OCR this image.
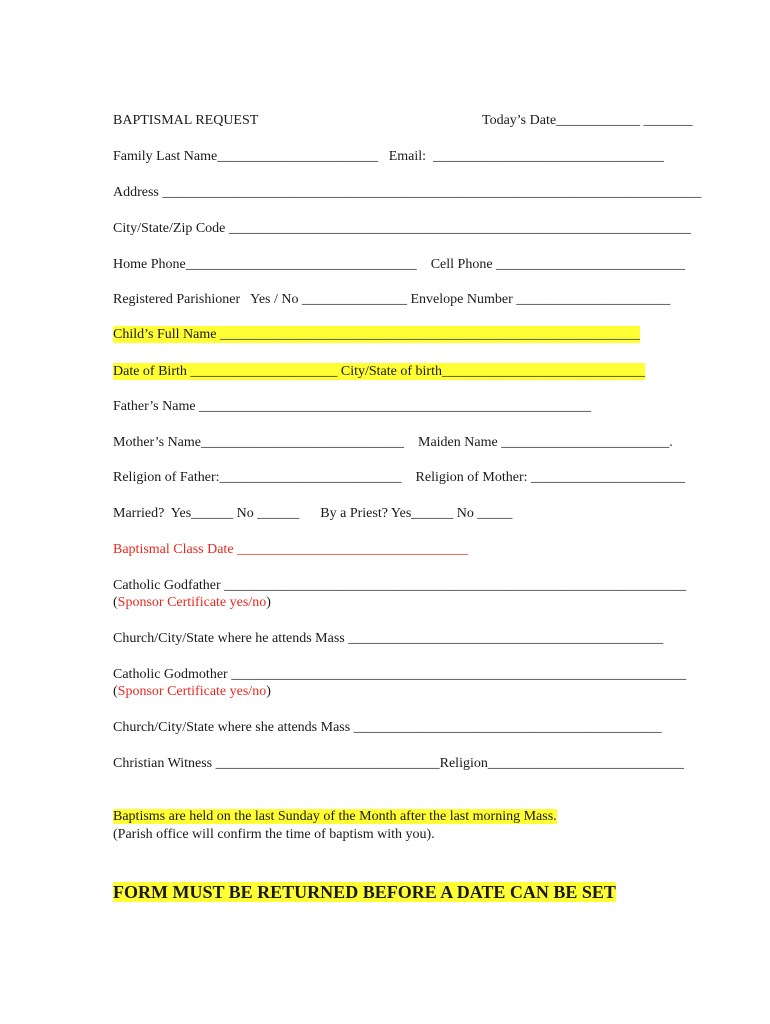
BAPTISMAL REQUEST	Today’s Date____________ _______
Family Last Name_______________________   Email:  _________________________________
Address _____________________________________________________________________________
City/State/Zip Code __________________________________________________________________
Home Phone_________________________________    Cell Phone ___________________________
Registered Parishioner   Yes / No _______________ Envelope Number ______________________
Child’s Full Name ____________________________________________________________
Date of Birth _____________________ City/State of birth_____________________________
Father’s Name ________________________________________________________
Mother’s Name_____________________________    Maiden Name ________________________.
Religion of Father:__________________________    Religion of Mother: ______________________
Married?  Yes______ No ______      By a Priest? Yes______ No _____
Baptismal Class Date _________________________________
Catholic Godfather __________________________________________________________________
(Sponsor Certificate yes/no)
Church/City/State where he attends Mass _____________________________________________
Catholic Godmother _________________________________________________________________
(Sponsor Certificate yes/no)
Church/City/State where she attends Mass ____________________________________________
Christian Witness ________________________________Religion____________________________
Baptisms are held on the last Sunday of the Month after the last morning Mass.
(Parish office will confirm the time of baptism with you).
FORM MUST BE RETURNED BEFORE A DATE CAN BE SET
